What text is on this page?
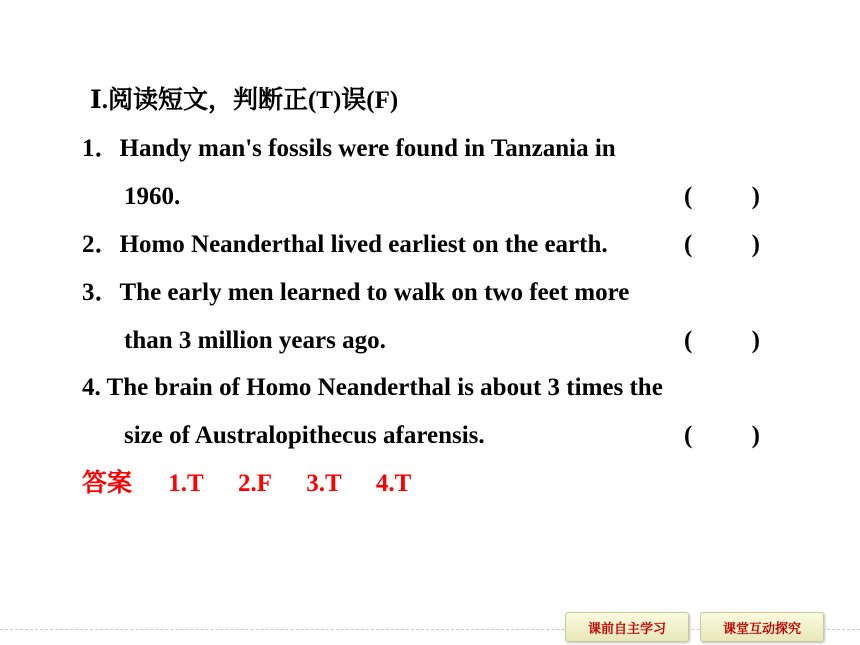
Ⅰ.阅读短文，判断正(T)误(F)
1．Handy man's fossils were found in Tanzania in
1960.	( )
2．Homo Neanderthal lived earliest on the earth.	( )
3．The early men learned to walk on two feet more
than 3 million years ago.	( )
4. The brain of Homo Neanderthal is about 3 times the
size of Australopithecus afarensis.	( )
答案 1.T 2.F 3.T 4.T
课前自主学习	课堂互动探究
